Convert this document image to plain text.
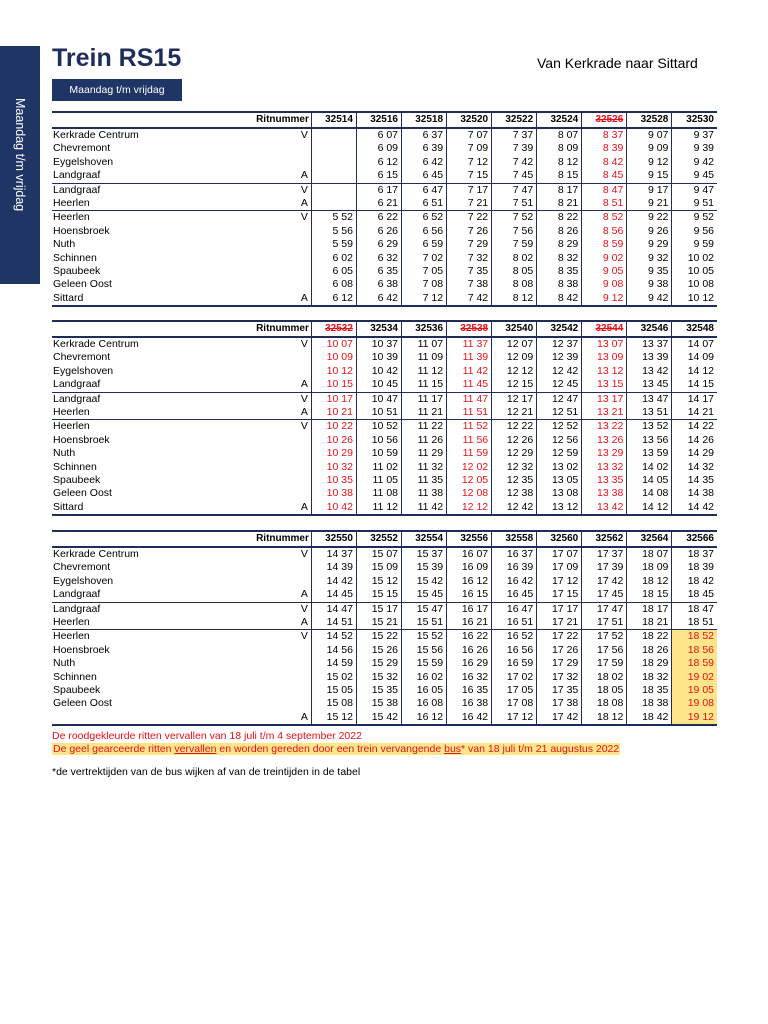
Maandag t/m vrijdag
Trein RS15	Van Kerkrade naar Sittard
Maandag t/m vrijdag
Ritnummer		32514	32516	32518	32520	32522	32524	32526	32528	32530
Kerkrade Centrum	V		6 07	6 37	7 07	7 37	8 07	8 37	9 07	9 37
Chevremont			6 09	6 39	7 09	7 39	8 09	8 39	9 09	9 39
Eygelshoven			6 12	6 42	7 12	7 42	8 12	8 42	9 12	9 42
Landgraaf	A		6 15	6 45	7 15	7 45	8 15	8 45	9 15	9 45
Landgraaf	V		6 17	6 47	7 17	7 47	8 17	8 47	9 17	9 47
Heerlen	A		6 21	6 51	7 21	7 51	8 21	8 51	9 21	9 51
Heerlen	V	5 52	6 22	6 52	7 22	7 52	8 22	8 52	9 22	9 52
Hoensbroek		5 56	6 26	6 56	7 26	7 56	8 26	8 56	9 26	9 56
Nuth		5 59	6 29	6 59	7 29	7 59	8 29	8 59	9 29	9 59
Schinnen		6 02	6 32	7 02	7 32	8 02	8 32	9 02	9 32	10 02
Spaubeek		6 05	6 35	7 05	7 35	8 05	8 35	9 05	9 35	10 05
Geleen Oost		6 08	6 38	7 08	7 38	8 08	8 38	9 08	9 38	10 08
Sittard	A	6 12	6 42	7 12	7 42	8 12	8 42	9 12	9 42	10 12
Ritnummer		32532	32534	32536	32538	32540	32542	32544	32546	32548
Kerkrade Centrum	V	10 07	10 37	11 07	11 37	12 07	12 37	13 07	13 37	14 07
Chevremont		10 09	10 39	11 09	11 39	12 09	12 39	13 09	13 39	14 09
Eygelshoven		10 12	10 42	11 12	11 42	12 12	12 42	13 12	13 42	14 12
Landgraaf	A	10 15	10 45	11 15	11 45	12 15	12 45	13 15	13 45	14 15
Landgraaf	V	10 17	10 47	11 17	11 47	12 17	12 47	13 17	13 47	14 17
Heerlen	A	10 21	10 51	11 21	11 51	12 21	12 51	13 21	13 51	14 21
Heerlen	V	10 22	10 52	11 22	11 52	12 22	12 52	13 22	13 52	14 22
Hoensbroek		10 26	10 56	11 26	11 56	12 26	12 56	13 26	13 56	14 26
Nuth		10 29	10 59	11 29	11 59	12 29	12 59	13 29	13 59	14 29
Schinnen		10 32	11 02	11 32	12 02	12 32	13 02	13 32	14 02	14 32
Spaubeek		10 35	11 05	11 35	12 05	12 35	13 05	13 35	14 05	14 35
Geleen Oost		10 38	11 08	11 38	12 08	12 38	13 08	13 38	14 08	14 38
Sittard	A	10 42	11 12	11 42	12 12	12 42	13 12	13 42	14 12	14 42
Ritnummer		32550	32552	32554	32556	32558	32560	32562	32564	32566
Kerkrade Centrum	V	14 37	15 07	15 37	16 07	16 37	17 07	17 37	18 07	18 37
Chevremont		14 39	15 09	15 39	16 09	16 39	17 09	17 39	18 09	18 39
Eygelshoven		14 42	15 12	15 42	16 12	16 42	17 12	17 42	18 12	18 42
Landgraaf	A	14 45	15 15	15 45	16 15	16 45	17 15	17 45	18 15	18 45
Landgraaf	V	14 47	15 17	15 47	16 17	16 47	17 17	17 47	18 17	18 47
Heerlen	A	14 51	15 21	15 51	16 21	16 51	17 21	17 51	18 21	18 51
Heerlen	V	14 52	15 22	15 52	16 22	16 52	17 22	17 52	18 22	18 52
Hoensbroek		14 56	15 26	15 56	16 26	16 56	17 26	17 56	18 26	18 56
Nuth		14 59	15 29	15 59	16 29	16 59	17 29	17 59	18 29	18 59
Schinnen		15 02	15 32	16 02	16 32	17 02	17 32	18 02	18 32	19 02
Spaubeek		15 05	15 35	16 05	16 35	17 05	17 35	18 05	18 35	19 05
Geleen Oost		15 08	15 38	16 08	16 38	17 08	17 38	18 08	18 38	19 08
	A	15 12	15 42	16 12	16 42	17 12	17 42	18 12	18 42	19 12
De roodgekleurde ritten vervallen van 18 juli t/m 4 september 2022
De geel gearceerde ritten vervallen en worden gereden door een trein vervangende bus* van 18 juli t/m 21 augustus 2022
*de vertrektijden van de bus wijken af van de treintijden in de tabel
